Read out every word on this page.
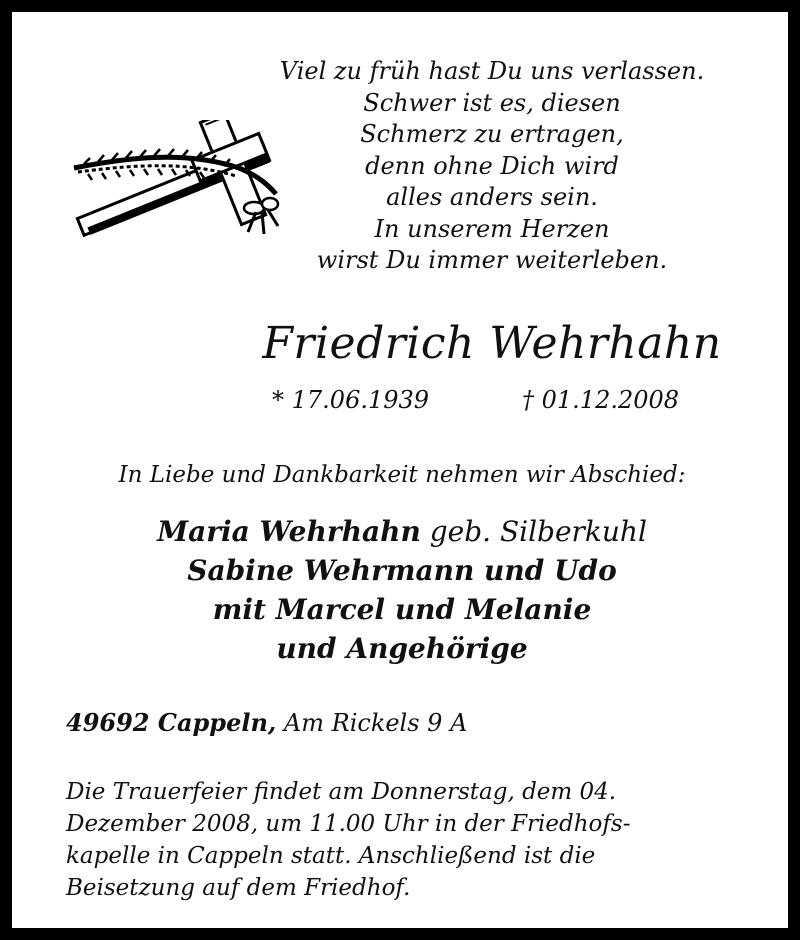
Viel zu früh hast Du uns verlassen.
Schwer ist es, diesen
Schmerz zu ertragen,
denn ohne Dich wird
alles anders sein.
In unserem Herzen
wirst Du immer weiterleben.
Friedrich Wehrhahn
* 17.06.1939	† 01.12.2008
In Liebe und Dankbarkeit nehmen wir Abschied:
Maria Wehrhahn geb. Silberkuhl
Sabine Wehrmann und Udo
mit Marcel und Melanie
und Angehörige
49692 Cappeln, Am Rickels 9 A
Die Trauerfeier findet am Donnerstag, dem 04.
Dezember 2008, um 11.00 Uhr in der Friedhofs-
kapelle in Cappeln statt. Anschließend ist die
Beisetzung auf dem Friedhof.
